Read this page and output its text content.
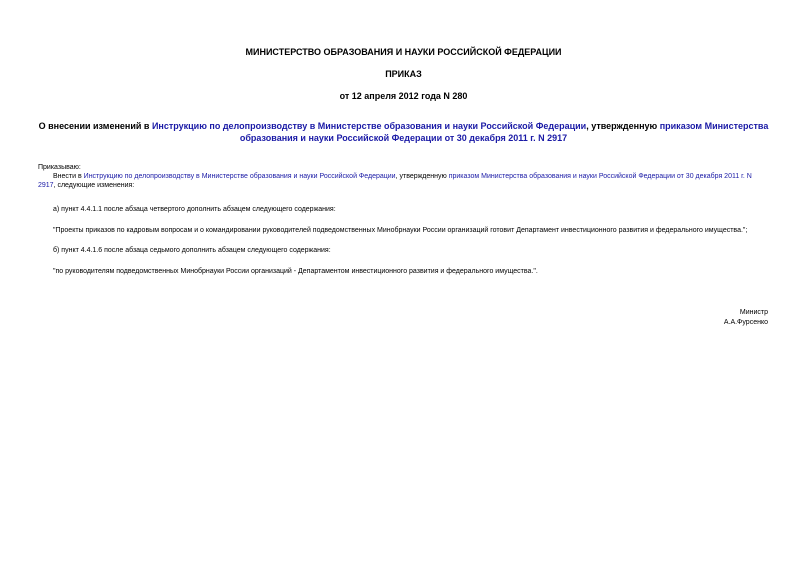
МИНИСТЕРСТВО ОБРАЗОВАНИЯ И НАУКИ РОССИЙСКОЙ ФЕДЕРАЦИИ
ПРИКАЗ
от 12 апреля 2012 года N 280
О внесении изменений в Инструкцию по делопроизводству в Министерстве образования и науки Российской Федерации, утвержденную приказом Министерства образования и науки Российской Федерации от 30 декабря 2011 г. N 2917
Приказываю:
Внести в Инструкцию по делопроизводству в Министерстве образования и науки Российской Федерации, утвержденную приказом Министерства образования и науки Российской Федерации от 30 декабря 2011 г. N 2917, следующие изменения:
а) пункт 4.4.1.1 после абзаца четвертого дополнить абзацем следующего содержания:
"Проекты приказов по кадровым вопросам и о командировании руководителей подведомственных Минобрнауки России организаций готовит Департамент инвестиционного развития и федерального имущества.";
б) пункт 4.4.1.6 после абзаца седьмого дополнить абзацем следующего содержания:
"по руководителям подведомственных Минобрнауки России организаций - Департаментом инвестиционного развития и федерального имущества.".
Министр
А.А.Фурсенко
